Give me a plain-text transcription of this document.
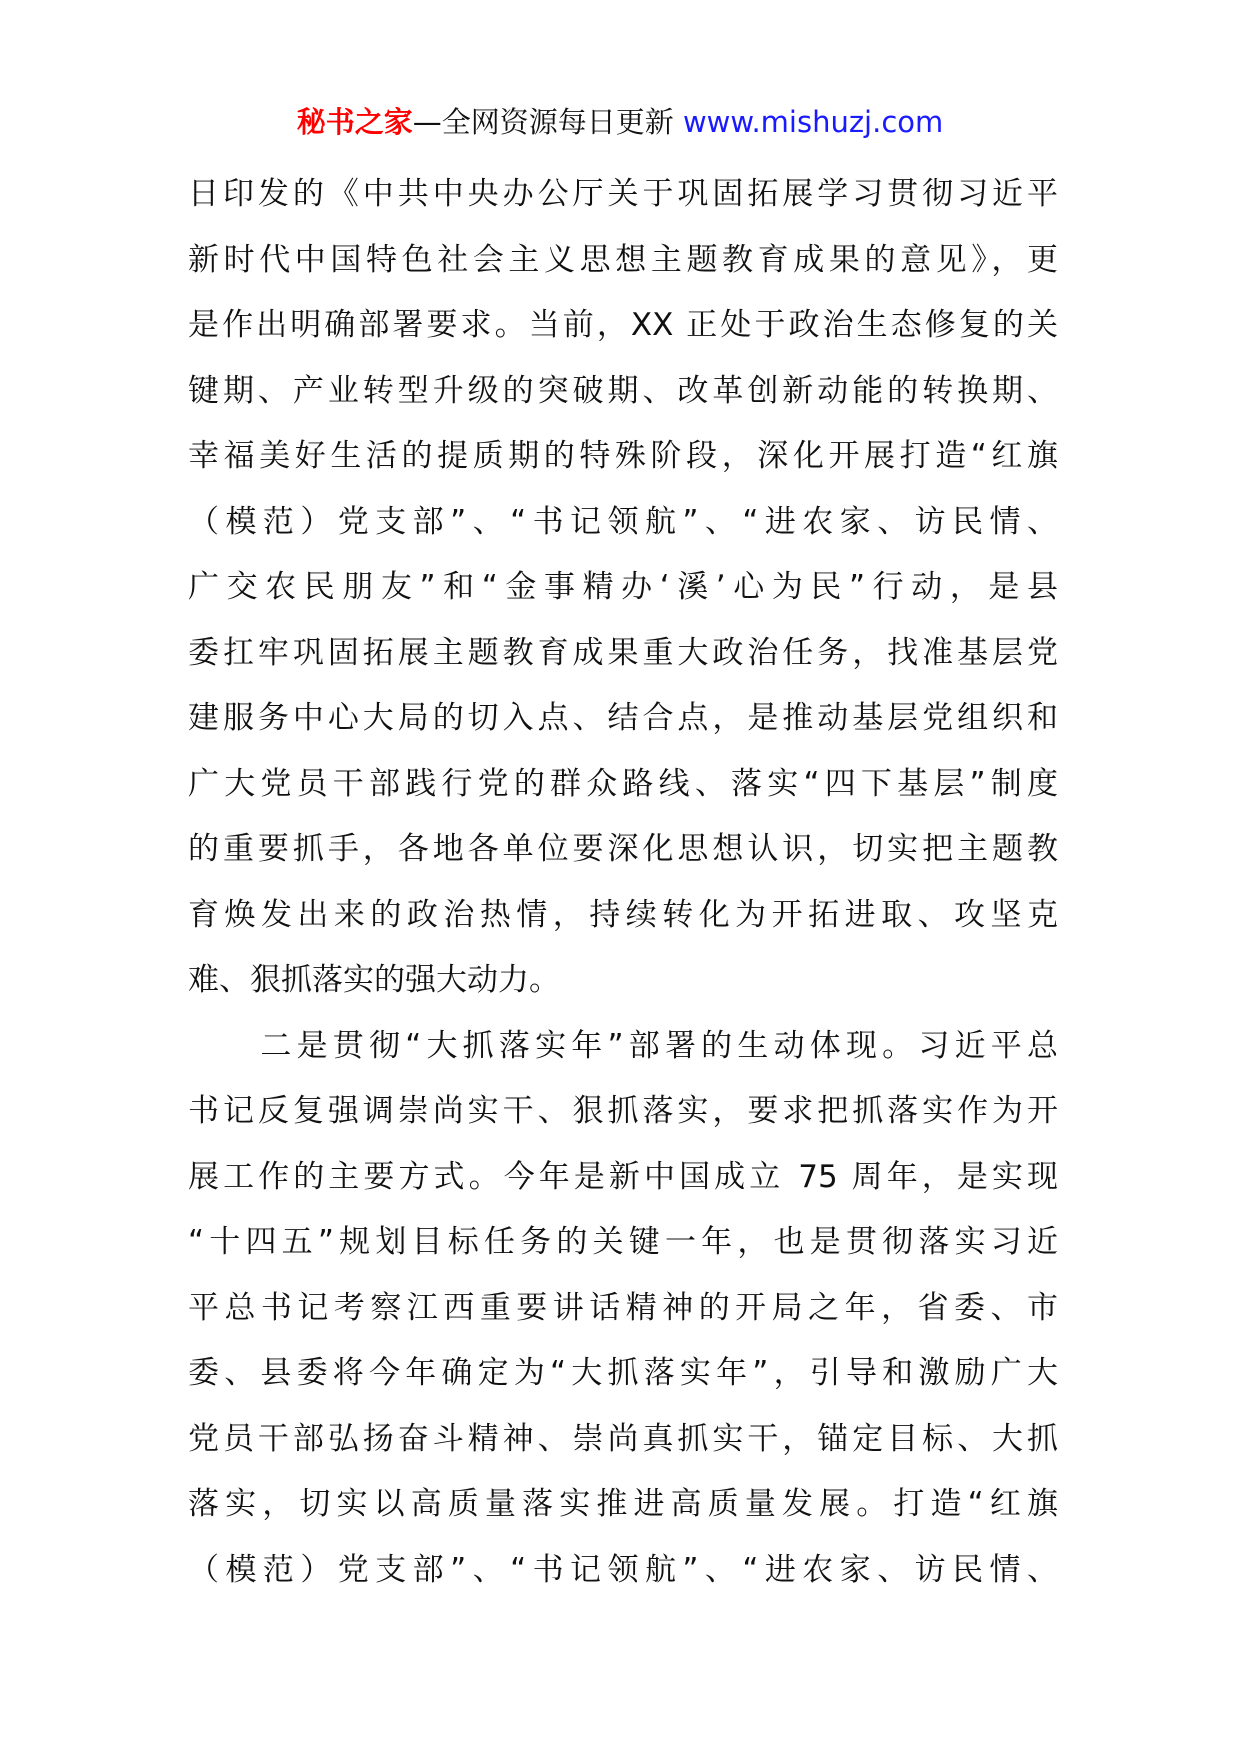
秘书之家—全网资源每日更新 www.mishuzj.com
日印发的《中共中央办公厅关于巩固拓展学习贯彻习近平
新时代中国特色社会主义思想主题教育成果的意见》，更
是作出明确部署要求。当前，XX 正处于政治生态修复的关
键期、产业转型升级的突破期、改革创新动能的转换期、
幸福美好生活的提质期的特殊阶段，深化开展打造“红旗
（模范）党支部”、“书记领航”、“进农家、访民情、
广交农民朋友”和“金事精办‘溪’心为民”行动，是县
委扛牢巩固拓展主题教育成果重大政治任务，找准基层党
建服务中心大局的切入点、结合点，是推动基层党组织和
广大党员干部践行党的群众路线、落实“四下基层”制度
的重要抓手，各地各单位要深化思想认识，切实把主题教
育焕发出来的政治热情，持续转化为开拓进取、攻坚克
难、狠抓落实的强大动力。
　　二是贯彻“大抓落实年”部署的生动体现。习近平总
书记反复强调崇尚实干、狠抓落实，要求把抓落实作为开
展工作的主要方式。今年是新中国成立 75 周年，是实现
“十四五”规划目标任务的关键一年，也是贯彻落实习近
平总书记考察江西重要讲话精神的开局之年，省委、市
委、县委将今年确定为“大抓落实年”，引导和激励广大
党员干部弘扬奋斗精神、崇尚真抓实干，锚定目标、大抓
落实，切实以高质量落实推进高质量发展。打造“红旗
（模范）党支部”、“书记领航”、“进农家、访民情、
